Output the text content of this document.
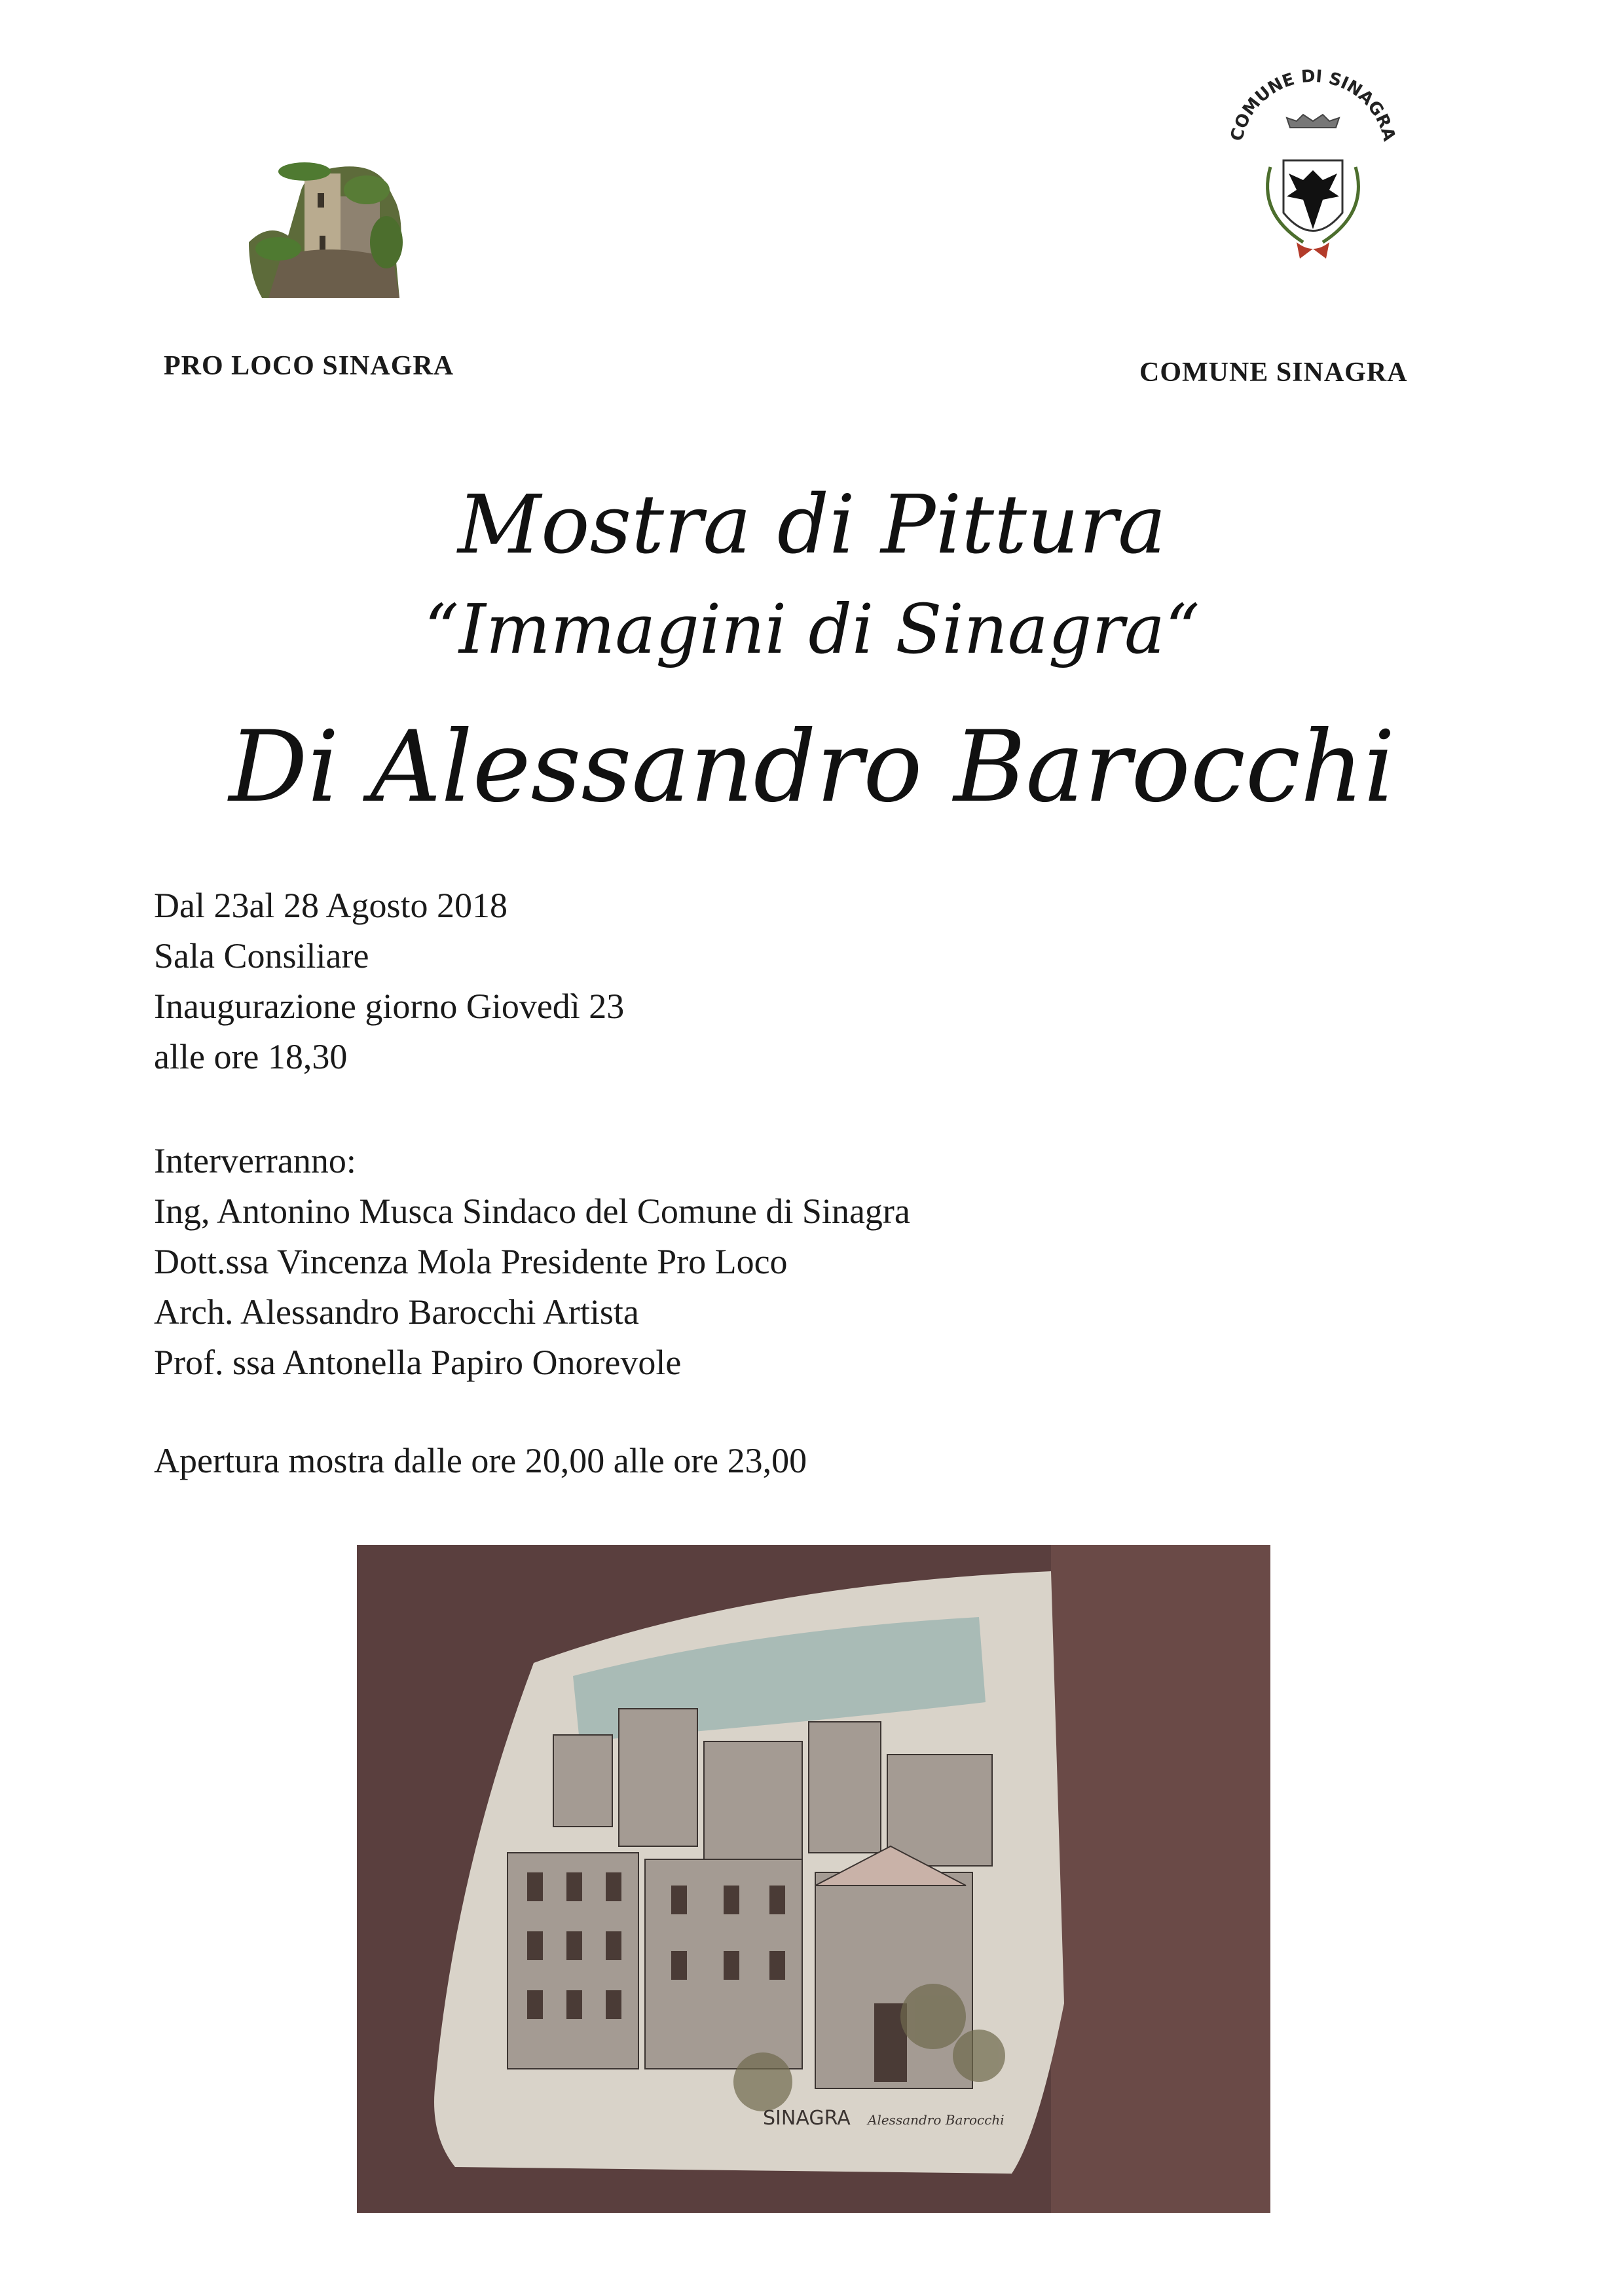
COMUNE DI SINAGRA
PRO LOCO SINAGRA	COMUNE SINAGRA
Mostra di Pittura
“Immagini di Sinagra“
Di Alessandro Barocchi
Dal 23al 28 Agosto 2018
Sala Consiliare
Inaugurazione giorno Giovedì 23
alle ore 18,30
Interverranno:
Ing, Antonino Musca Sindaco del Comune di Sinagra
Dott.ssa Vincenza Mola Presidente Pro Loco
Arch. Alessandro Barocchi Artista
Prof. ssa Antonella Papiro Onorevole
Apertura mostra dalle ore 20,00 alle ore 23,00
SINAGRA Alessandro Barocchi
